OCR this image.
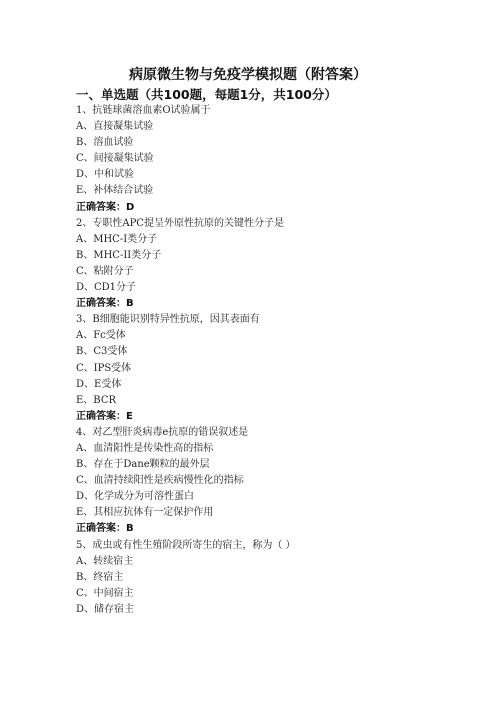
病原微生物与免疫学模拟题（附答案）
一、单选题（共100题，每题1分，共100分）
1、抗链球菌溶血素O试验属于
A、直接凝集试验
B、溶血试验
C、间接凝集试验
D、中和试验
E、补体结合试验
正确答案：D
2、专职性APC提呈外原性抗原的关键性分子是
A、MHC-I类分子
B、MHC-II类分子
C、粘附分子
D、CD1分子
正确答案：B
3、B细胞能识别特异性抗原，因其表面有
A、Fc受体
B、C3受体
C、IPS受体
D、E受体
E、BCR
正确答案：E
4、对乙型肝炎病毒e抗原的错误叙述是
A、血清阳性是传染性高的指标
B、存在于Dane颗粒的最外层
C、血清持续阳性是疾病慢性化的指标
D、化学成分为可溶性蛋白
E、其相应抗体有一定保护作用
正确答案：B
5、成虫或有性生殖阶段所寄生的宿主，称为（ ）
A、转续宿主
B、终宿主
C、中间宿主
D、储存宿主
